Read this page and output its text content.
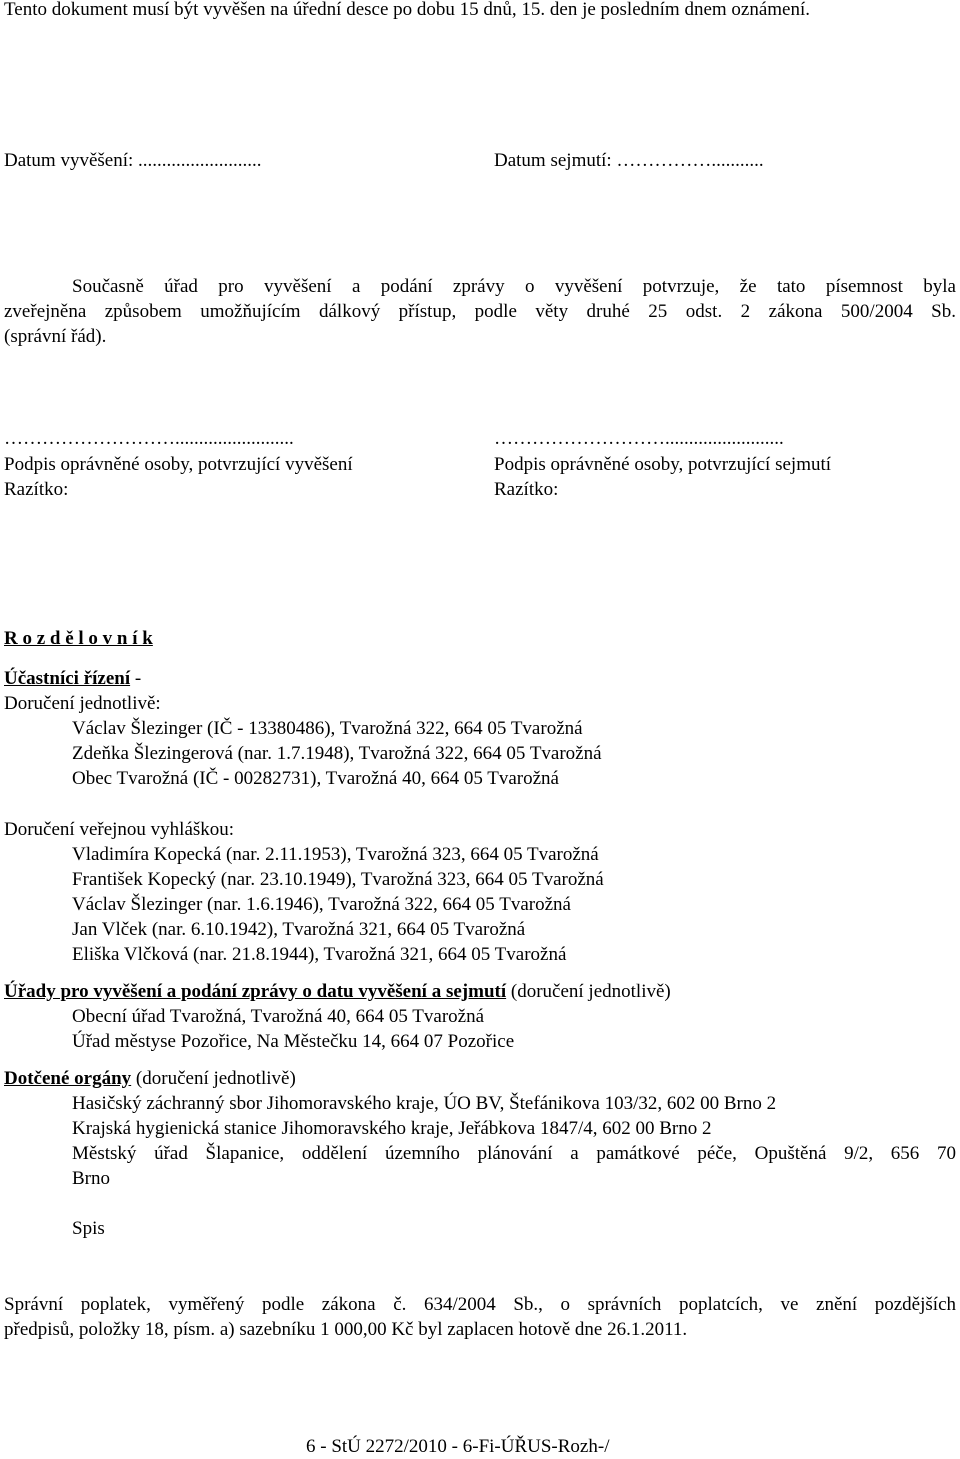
Tento dokument musí být vyvěšen na úřední desce po dobu 15 dnů, 15. den je posledním dnem oznámení.
Datum vyvěšení: ..........................	Datum sejmutí: ……………...........
Současně úřad pro vyvěšení a podání zprávy o vyvěšení potvrzuje, že tato písemnost byla
zveřejněna způsobem umožňujícím dálkový přístup, podle věty druhé 25 odst. 2 zákona 500/2004 Sb.
(správní řád).
……………………….........................
Podpis oprávněné osoby, potvrzující vyvěšení
Razítko:
……………………….........................
Podpis oprávněné osoby, potvrzující sejmutí
Razítko:
R o z d ě l o v n í k
Účastníci řízení -
Doručení jednotlivě:
Václav Šlezinger (IČ - 13380486), Tvarožná 322, 664 05 Tvarožná
Zdeňka Šlezingerová (nar. 1.7.1948), Tvarožná 322, 664 05 Tvarožná
Obec Tvarožná (IČ - 00282731), Tvarožná 40, 664 05 Tvarožná
Doručení veřejnou vyhláškou:
Vladimíra Kopecká (nar. 2.11.1953), Tvarožná 323, 664 05 Tvarožná
František Kopecký (nar. 23.10.1949), Tvarožná 323, 664 05 Tvarožná
Václav Šlezinger (nar. 1.6.1946), Tvarožná 322, 664 05 Tvarožná
Jan Vlček (nar. 6.10.1942), Tvarožná 321, 664 05 Tvarožná
Eliška Vlčková (nar. 21.8.1944), Tvarožná 321, 664 05 Tvarožná
Úřady pro vyvěšení a podání zprávy o datu vyvěšení a sejmutí (doručení jednotlivě)
Obecní úřad Tvarožná, Tvarožná 40, 664 05 Tvarožná
Úřad městyse Pozořice, Na Městečku 14, 664 07 Pozořice
Dotčené orgány (doručení jednotlivě)
Hasičský záchranný sbor Jihomoravského kraje, ÚO BV, Štefánikova 103/32, 602 00 Brno 2
Krajská hygienická stanice Jihomoravského kraje, Jeřábkova 1847/4, 602 00 Brno 2
Městský úřad Šlapanice, oddělení územního plánování a památkové péče, Opuštěná 9/2, 656 70
Brno
Spis
Správní poplatek, vyměřený podle zákona č. 634/2004 Sb., o správních poplatcích, ve znění pozdějších
předpisů, položky 18, písm. a) sazebníku 1 000,00 Kč byl zaplacen hotově dne 26.1.2011.
6 - StÚ 2272/2010 - 6-Fi-ÚŘUS-Rozh-/
